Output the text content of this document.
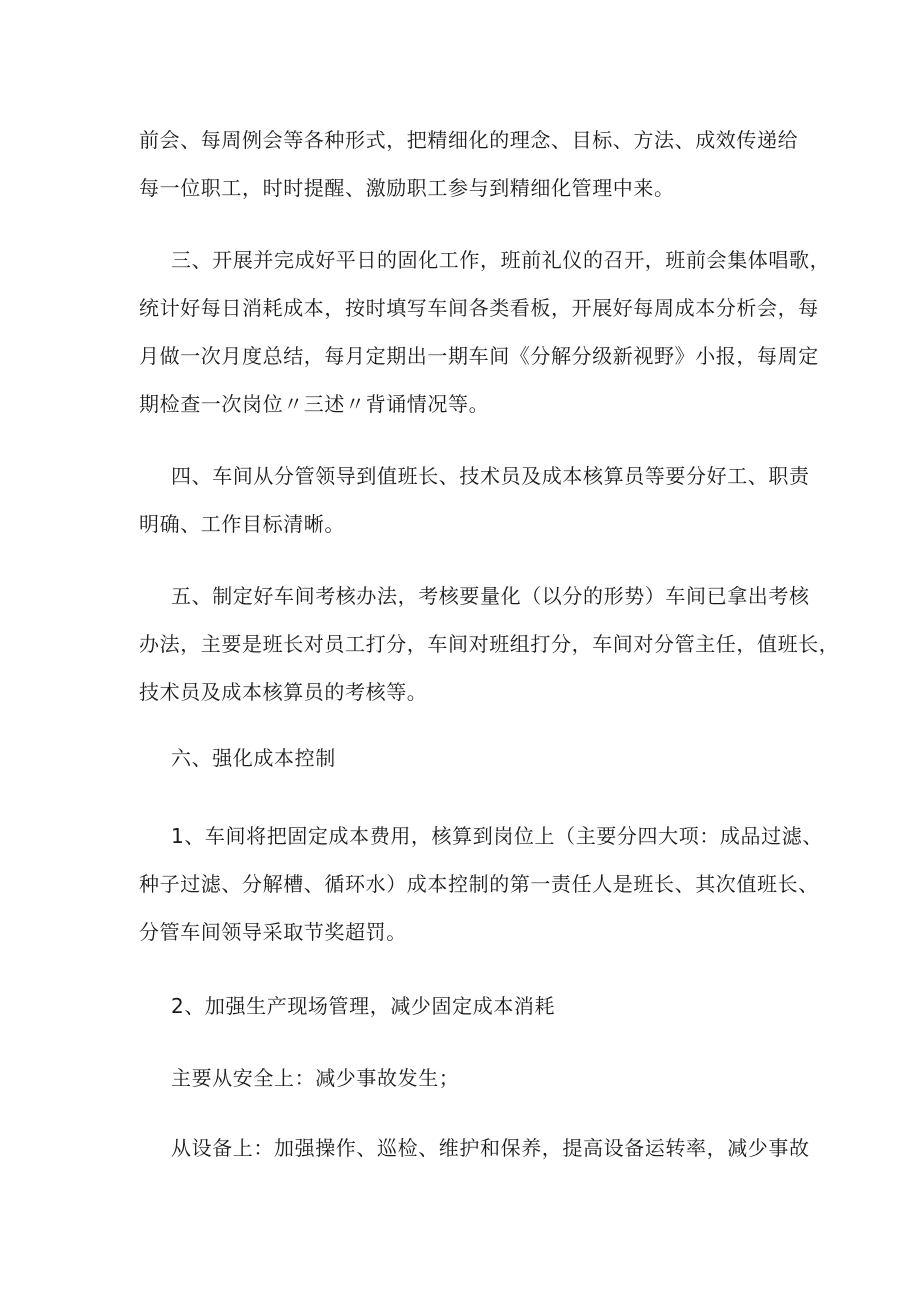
前会、每周例会等各种形式，把精细化的理念、目标、方法、成效传递给
每一位职工，时时提醒、激励职工参与到精细化管理中来。
三、开展并完成好平日的固化工作，班前礼仪的召开，班前会集体唱歌，
统计好每日消耗成本，按时填写车间各类看板，开展好每周成本分析会，每
月做一次月度总结，每月定期出一期车间《分解分级新视野》小报，每周定
期检查一次岗位〃三述〃背诵情况等。
四、车间从分管领导到值班长、技术员及成本核算员等要分好工、职责
明确、工作目标清晰。
五、制定好车间考核办法，考核要量化（以分的形势）车间已拿出考核
办法，主要是班长对员工打分，车间对班组打分，车间对分管主任，值班长，
技术员及成本核算员的考核等。
六、强化成本控制
1、车间将把固定成本费用，核算到岗位上（主要分四大项：成品过滤、
种子过滤、分解槽、循环水）成本控制的第一责任人是班长、其次值班长、
分管车间领导采取节奖超罚。
2、加强生产现场管理，减少固定成本消耗
主要从安全上：减少事故发生；
从设备上：加强操作、巡检、维护和保养，提高设备运转率，减少事故
